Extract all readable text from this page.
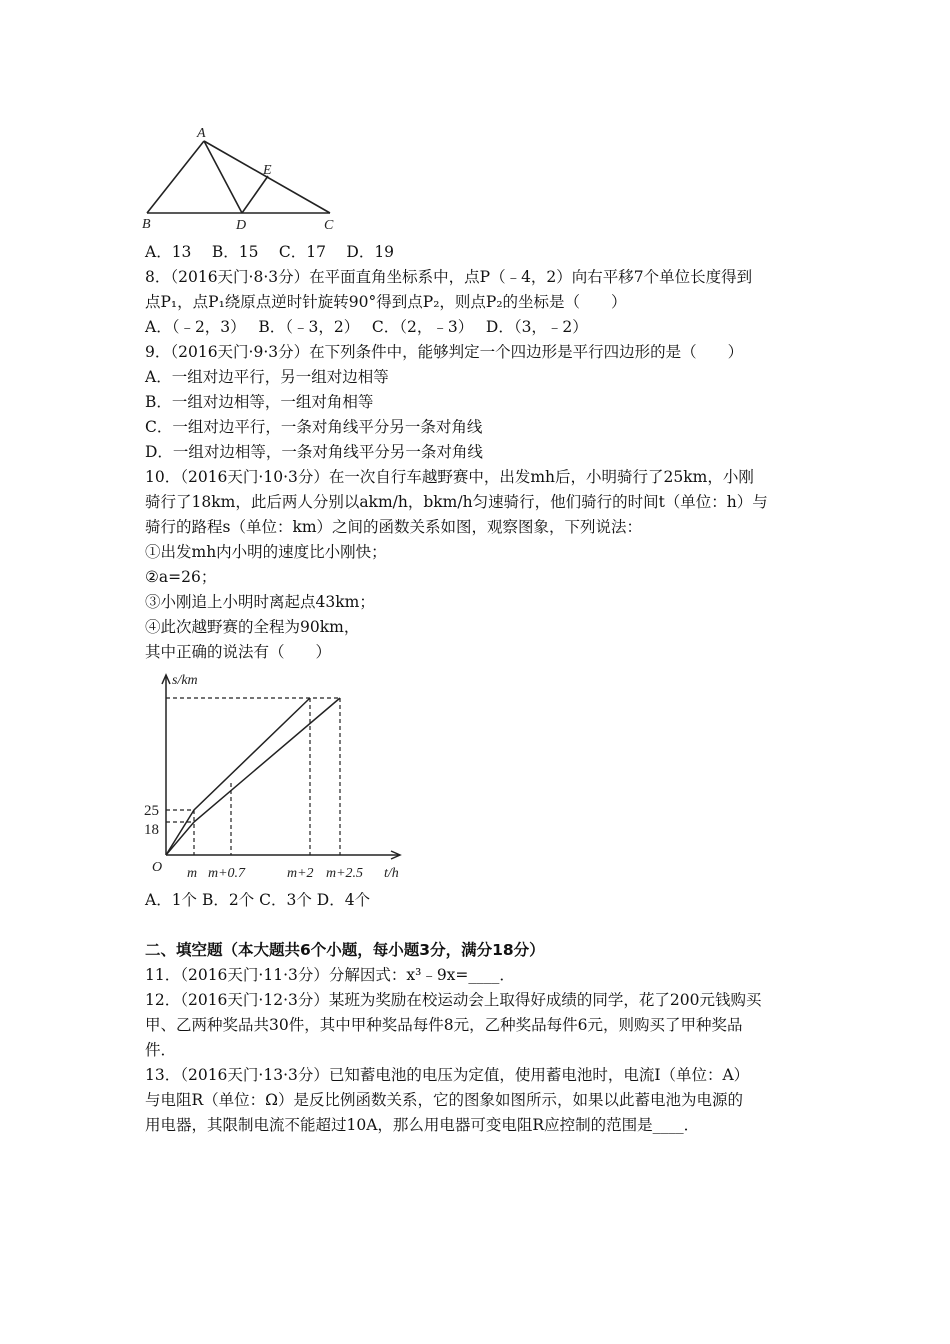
A
B	C
D
E
s/km
t/h
O
25
18
m m+0.7	m+2 m+2.5
A．13　 B．15　 C．17　 D．19
8．（2016天门·8·3分）在平面直角坐标系中，点P（﹣4，2）向右平移7个单位长度得到
点P₁，点P₁绕原点逆时针旋转90°得到点P₂，则点P₂的坐标是（　　）
A．（﹣2，3）　 B．（﹣3，2）　 C．（2，﹣3）　 D．（3，﹣2）
9．（2016天门·9·3分）在下列条件中，能够判定一个四边形是平行四边形的是（　　）
A．一组对边平行，另一组对边相等
B．一组对边相等，一组对角相等
C．一组对边平行，一条对角线平分另一条对角线
D．一组对边相等，一条对角线平分另一条对角线
10．（2016天门·10·3分）在一次自行车越野赛中，出发mh后，小明骑行了25km，小刚
骑行了18km，此后两人分别以akm/h，bkm/h匀速骑行，他们骑行的时间t（单位：h）与
骑行的路程s（单位：km）之间的函数关系如图，观察图象，下列说法：
①出发mh内小明的速度比小刚快；
②a=26；
③小刚追上小明时离起点43km；
④此次越野赛的全程为90km，
其中正确的说法有（　　）
A．1个 B．2个 C．3个 D．4个
二、填空题（本大题共6个小题，每小题3分，满分18分）
11．（2016天门·11·3分）分解因式：x³﹣9x=____．
12．（2016天门·12·3分）某班为奖励在校运动会上取得好成绩的同学，花了200元钱购买
甲、乙两种奖品共30件，其中甲种奖品每件8元，乙种奖品每件6元，则购买了甲种奖品
件．
13．（2016天门·13·3分）已知蓄电池的电压为定值，使用蓄电池时，电流I（单位：A）
与电阻R（单位：Ω）是反比例函数关系，它的图象如图所示，如果以此蓄电池为电源的
用电器，其限制电流不能超过10A，那么用电器可变电阻R应控制的范围是____．
